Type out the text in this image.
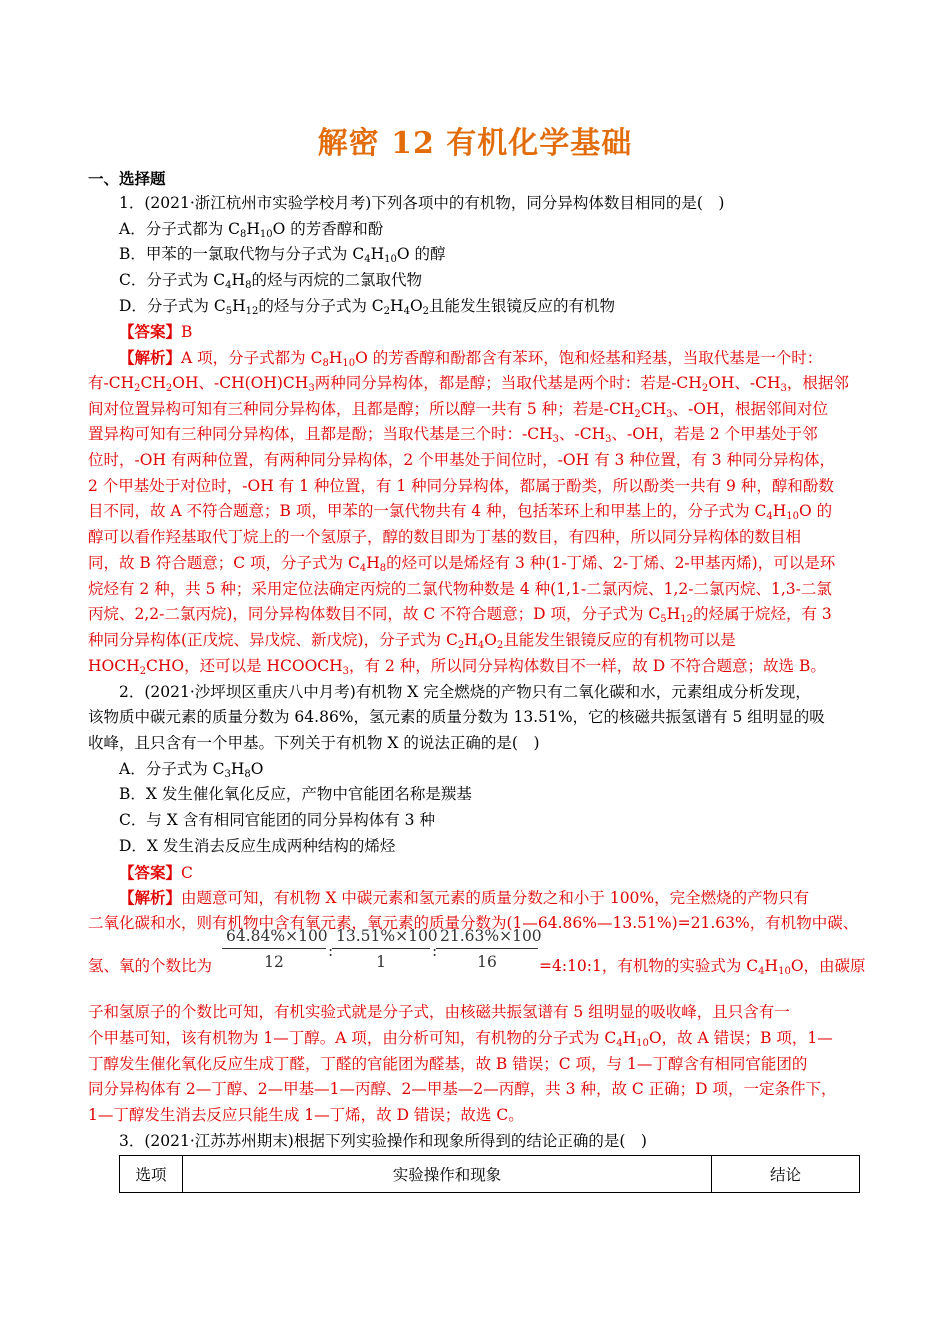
解密 12 有机化学基础
一、选择题
1．(2021·浙江杭州市实验学校月考)下列各项中的有机物，同分异构体数目相同的是(　)
A．分子式都为 $C_8H_{10}O$ 的芳香醇和酚
B．甲苯的一氯取代物与分子式为 $C_4H_{10}O$ 的醇
C．分子式为 $C_4H_8$的烃与丙烷的二氯取代物
D．分子式为 $C_5H_{12}$的烃与分子式为 $C_2H_4O_2$且能发生银镜反应的有机物
【答案】B
【解析】A 项，分子式都为 $C_8H_{10}O$ 的芳香醇和酚都含有苯环，饱和烃基和羟基，当取代基是一个时：
有$-CH_2CH_2OH$、$-CH(OH)CH_3$两种同分异构体，都是醇；当取代基是两个时：若是$-CH_2OH$、$-CH_3$，根据邻
间对位置异构可知有三种同分异构体，且都是醇；所以醇一共有 5 种；若是$-CH_2CH_3$、-OH，根据邻间对位
置异构可知有三种同分异构体，且都是酚；当取代基是三个时：$-CH_3$、$-CH_3$、-OH，若是 2 个甲基处于邻
位时，-OH 有两种位置，有两种同分异构体，2 个甲基处于间位时，-OH 有 3 种位置，有 3 种同分异构体，
2 个甲基处于对位时，-OH 有 1 种位置，有 1 种同分异构体，都属于酚类，所以酚类一共有 9 种，醇和酚数
目不同，故 A 不符合题意；B 项，甲苯的一氯代物共有 4 种，包括苯环上和甲基上的，分子式为 $C_4H_{10}O$ 的
醇可以看作羟基取代丁烷上的一个氢原子，醇的数目即为丁基的数目，有四种，所以同分异构体的数目相
同，故 B 符合题意；C 项，分子式为 $C_4H_8$的烃可以是烯烃有 3 种(1-丁烯、2-丁烯、2-甲基丙烯)，可以是环
烷烃有 2 种，共 5 种；采用定位法确定丙烷的二氯代物种数是 4 种(1,1-二氯丙烷、1,2-二氯丙烷、1,3-二氯
丙烷、2,2-二氯丙烷)，同分异构体数目不同，故 C 不符合题意；D 项，分子式为 $C_5H_{12}$的烃属于烷烃，有 3
种同分异构体(正戊烷、异戊烷、新戊烷)，分子式为 $C_2H_4O_2$且能发生银镜反应的有机物可以是
$HOCH_2CHO$，还可以是 $HCOOCH_3$，有 2 种，所以同分异构体数目不一样，故 D 不符合题意；故选 B。
2．(2021·沙坪坝区重庆八中月考)有机物 X 完全燃烧的产物只有二氧化碳和水，元素组成分析发现，
该物质中碳元素的质量分数为 64.86%，氢元素的质量分数为 13.51%，它的核磁共振氢谱有 5 组明显的吸
收峰，且只含有一个甲基。下列关于有机物 X 的说法正确的是(　)
A．分子式为 $C_3H_8O$
B．X 发生催化氧化反应，产物中官能团名称是羰基
C．与 X 含有相同官能团的同分异构体有 3 种
D．X 发生消去反应生成两种结构的烯烃
【答案】C
【解析】由题意可知，有机物 X 中碳元素和氢元素的质量分数之和小于 100%，完全燃烧的产物只有
二氧化碳和水，则有机物中含有氧元素，氧元素的质量分数为(1—64.86%—13.51%)=21.63%，有机物中碳、
氢、氧的个数比为 $\frac{64.84\%\times 100}{12}$ :
$\frac{13.51\%\times 100}{1}$ :
$\frac{21.63\%\times 100}{16}$ =4:10:1，有机物的实验式为 $C_4H_{10}O$，由碳原
子和氢原子的个数比可知，有机实验式就是分子式，由核磁共振氢谱有 5 组明显的吸收峰，且只含有一
个甲基可知，该有机物为 1—丁醇。A 项，由分析可知，有机物的分子式为 $C_4H_{10}O$，故 A 错误；B 项，1—
丁醇发生催化氧化反应生成丁醛，丁醛的官能团为醛基，故 B 错误；C 项，与 1—丁醇含有相同官能团的
同分异构体有 2—丁醇、2—甲基—1—丙醇、2—甲基—2—丙醇，共 3 种，故 C 正确；D 项，一定条件下，
1—丁醇发生消去反应只能生成 1—丁烯，故 D 错误；故选 C。
3．(2021·江苏苏州期末)根据下列实验操作和现象所得到的结论正确的是(　)
选项	实验操作和现象	结论
